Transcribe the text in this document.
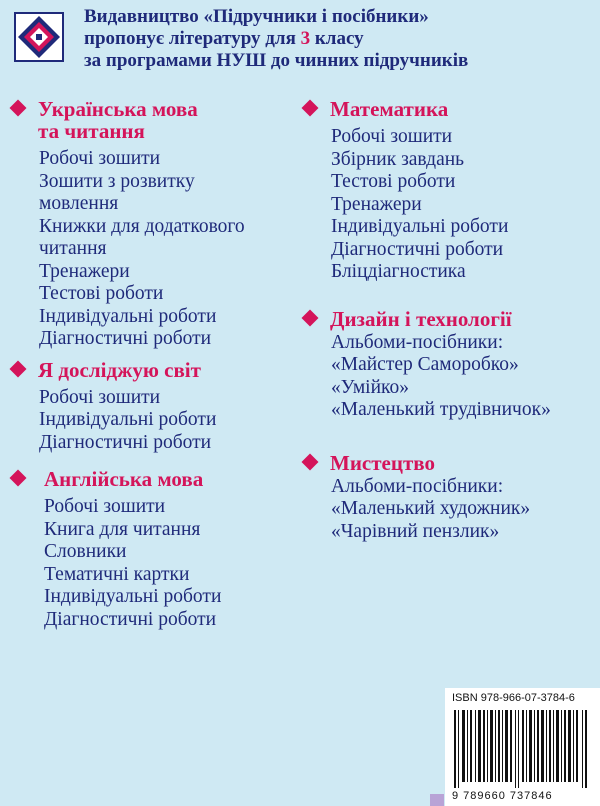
Видавництво «Підручники і посібники»
пропонує літературу для 3 класу
за програмами НУШ до чинних підручників
Українська мова
та читання
Робочі зошити
Зошити з розвитку
мовлення
Книжки для додаткового
читання
Тренажери
Тестові роботи
Індивідуальні роботи
Діагностичні роботи
Я досліджую світ
Робочі зошити
Індивідуальні роботи
Діагностичні роботи
Англійська мова
Робочі зошити
Книга для читання
Словники
Тематичні картки
Індивідуальні роботи
Діагностичні роботи
Математика
Робочі зошити
Збірник завдань
Тестові роботи
Тренажери
Індивідуальні роботи
Діагностичні роботи
Бліцдіагностика
Дизайн і технології
Альбоми-посібники:
«Майстер Саморобко»
«Умійко»
«Маленький трудівничок»
Мистецтво
Альбоми-посібники:
«Маленький художник»
«Чарівний пензлик»
ISBN 978-966-07-3784-6
9 789660 737846
